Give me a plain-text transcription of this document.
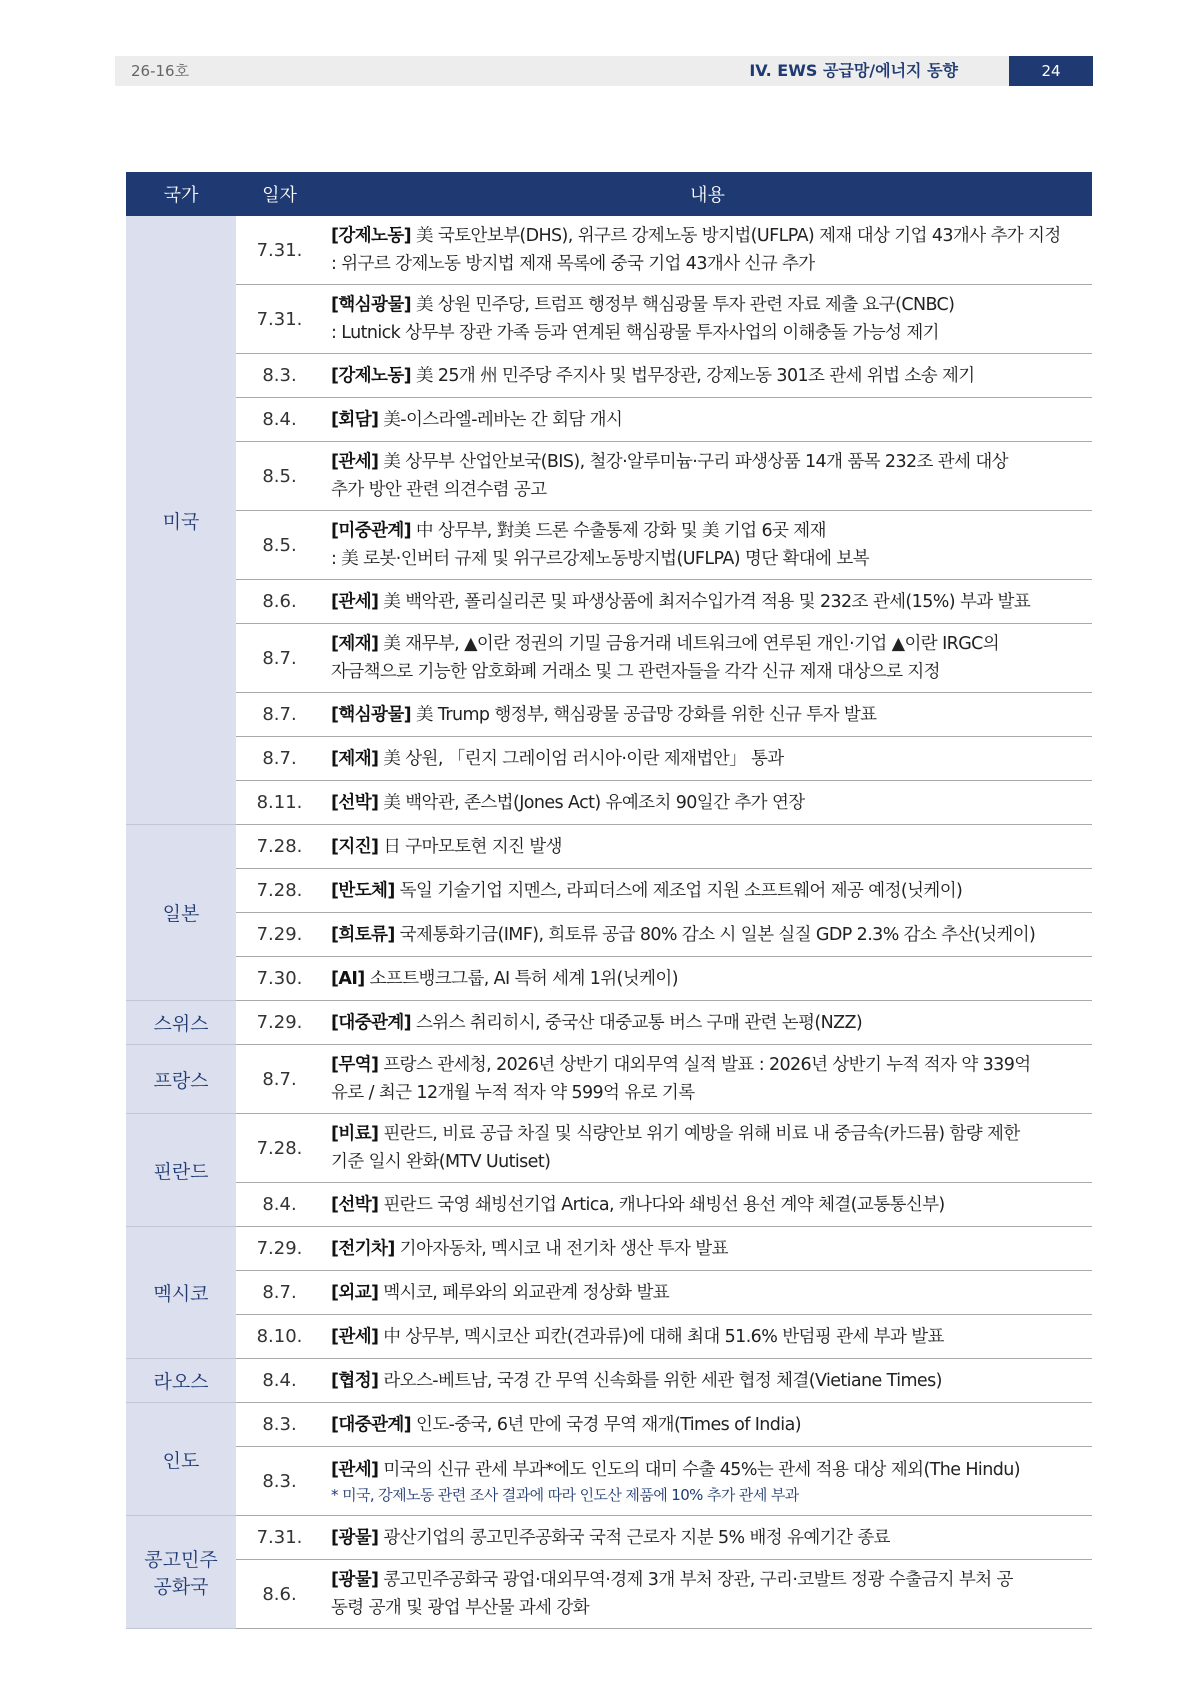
26-16호	IV. EWS 공급망/에너지 동향	24
국가	일자	내용
미국	7.31.	[강제노동] 美 국토안보부(DHS), 위구르 강제노동 방지법(UFLPA) 제재 대상 기업 43개사 추가 지정
: 위구르 강제노동 방지법 제재 목록에 중국 기업 43개사 신규 추가

	7.31.	[핵심광물] 美 상원 민주당, 트럼프 행정부 핵심광물 투자 관련 자료 제출 요구(CNBC)
: Lutnick 상무부 장관 가족 등과 연계된 핵심광물 투자사업의 이해충돌 가능성 제기

	8.3.	[강제노동] 美 25개 州 민주당 주지사 및 법무장관, 강제노동 301조 관세 위법 소송 제기

	8.4.	[회담] 美-이스라엘-레바논 간 회담 개시

	8.5.	[관세] 美 상무부 산업안보국(BIS), 철강·알루미늄·구리 파생상품 14개 품목 232조 관세 대상
추가 방안 관련 의견수렴 공고

	8.5.	[미중관계] 中 상무부, 對美 드론 수출통제 강화 및 美 기업 6곳 제재
: 美 로봇·인버터 규제 및 위구르강제노동방지법(UFLPA) 명단 확대에 보복

	8.6.	[관세] 美 백악관, 폴리실리콘 및 파생상품에 최저수입가격 적용 및 232조 관세(15%) 부과 발표

	8.7.	[제재] 美 재무부, ▲이란 정권의 기밀 금융거래 네트워크에 연루된 개인·기업 ▲이란 IRGC의
자금책으로 기능한 암호화폐 거래소 및 그 관련자들을 각각 신규 제재 대상으로 지정

	8.7.	[핵심광물] 美 Trump 행정부, 핵심광물 공급망 강화를 위한 신규 투자 발표

	8.7.	[제재] 美 상원, 「린지 그레이엄 러시아·이란 제재법안」 통과

	8.11.	[선박] 美 백악관, 존스법(Jones Act) 유예조치 90일간 추가 연장

일본	7.28.	[지진] 日 구마모토현 지진 발생

	7.28.	[반도체] 독일 기술기업 지멘스, 라피더스에 제조업 지원 소프트웨어 제공 예정(닛케이)

	7.29.	[희토류] 국제통화기금(IMF), 희토류 공급 80% 감소 시 일본 실질 GDP 2.3% 감소 추산(닛케이)

	7.30.	[AI] 소프트뱅크그룹, AI 특허 세계 1위(닛케이)

스위스	7.29.	[대중관계] 스위스 취리히시, 중국산 대중교통 버스 구매 관련 논평(NZZ)

프랑스	8.7.	[무역] 프랑스 관세청, 2026년 상반기 대외무역 실적 발표 : 2026년 상반기 누적 적자 약 339억
유로 / 최근 12개월 누적 적자 약 599억 유로 기록

핀란드	7.28.	[비료] 핀란드, 비료 공급 차질 및 식량안보 위기 예방을 위해 비료 내 중금속(카드뮴) 함량 제한
기준 일시 완화(MTV Uutiset)

	8.4.	[선박] 핀란드 국영 쇄빙선기업 Artica, 캐나다와 쇄빙선 용선 계약 체결(교통통신부)

멕시코	7.29.	[전기차] 기아자동차, 멕시코 내 전기차 생산 투자 발표

	8.7.	[외교] 멕시코, 페루와의 외교관계 정상화 발표

	8.10.	[관세] 中 상무부, 멕시코산 피칸(견과류)에 대해 최대 51.6% 반덤핑 관세 부과 발표

라오스	8.4.	[협정] 라오스-베트남, 국경 간 무역 신속화를 위한 세관 협정 체결(Vietiane Times)

인도	8.3.	[대중관계] 인도-중국, 6년 만에 국경 무역 재개(Times of India)

	8.3.	[관세] 미국의 신규 관세 부과*에도 인도의 대미 수출 45%는 관세 적용 대상 제외(The Hindu)
* 미국, 강제노동 관련 조사 결과에 따라 인도산 제품에 10% 추가 관세 부과

콩고민주
공화국	7.31.	[광물] 광산기업의 콩고민주공화국 국적 근로자 지분 5% 배정 유예기간 종료

	8.6.	[광물] 콩고민주공화국 광업·대외무역·경제 3개 부처 장관, 구리·코발트 정광 수출금지 부처 공
동령 공개 및 광업 부산물 과세 강화
